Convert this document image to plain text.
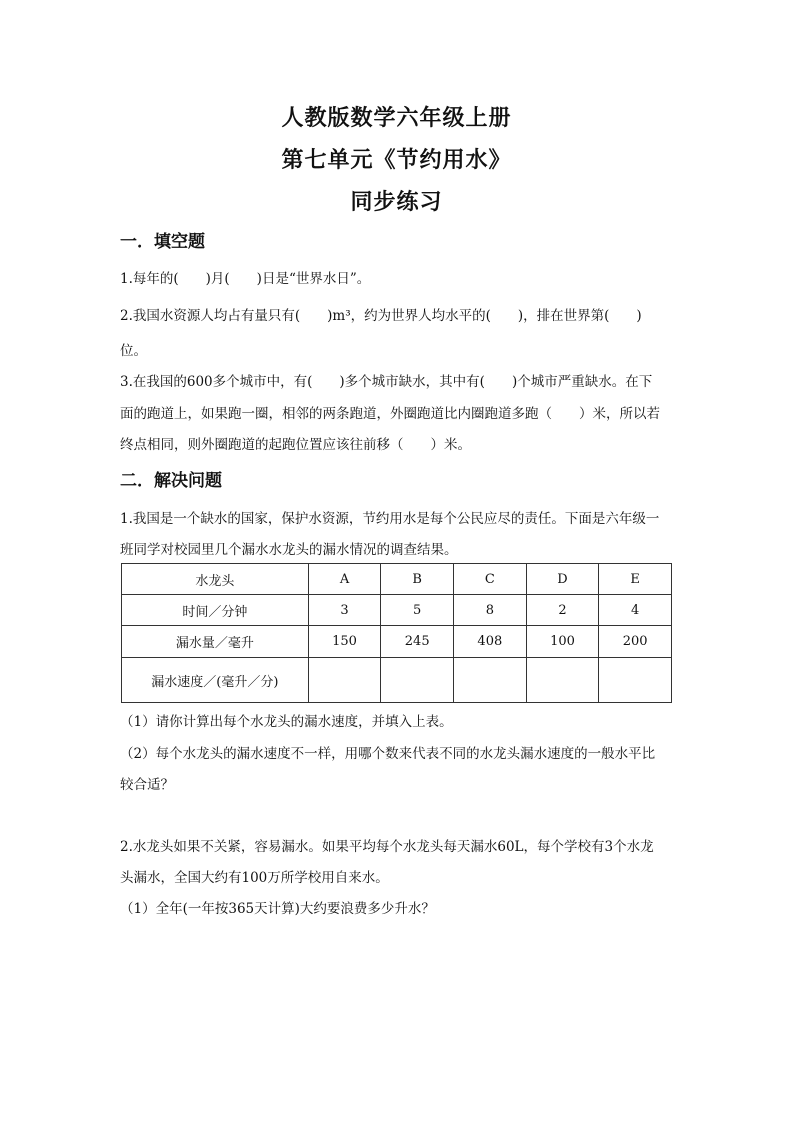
人教版数学六年级上册
第七单元《节约用水》
同步练习
一．填空题
1.每年的(　　)月(　　)日是“世界水日”。
2.我国水资源人均占有量只有(　　)m³，约为世界人均水平的(　　)，排在世界第(　　)
位。
3.在我国的600多个城市中，有(　　)多个城市缺水，其中有(　　)个城市严重缺水。在下
面的跑道上，如果跑一圈，相邻的两条跑道，外圈跑道比内圈跑道多跑（　　）米，所以若
终点相同，则外圈跑道的起跑位置应该往前移（　　）米。
二．解决问题
1.我国是一个缺水的国家，保护水资源，节约用水是每个公民应尽的责任。下面是六年级一
班同学对校园里几个漏水水龙头的漏水情况的调查结果。
水龙头	A	B	C	D	E
时间／分钟	3	5	8	2	4
漏水量／毫升	150	245	408	100	200
漏水速度／(毫升／分)					
（1）请你计算出每个水龙头的漏水速度，并填入上表。
（2）每个水龙头的漏水速度不一样，用哪个数来代表不同的水龙头漏水速度的一般水平比
较合适？
2.水龙头如果不关紧，容易漏水。如果平均每个水龙头每天漏水60L，每个学校有3个水龙
头漏水，全国大约有100万所学校用自来水。
（1）全年(一年按365天计算)大约要浪费多少升水？
